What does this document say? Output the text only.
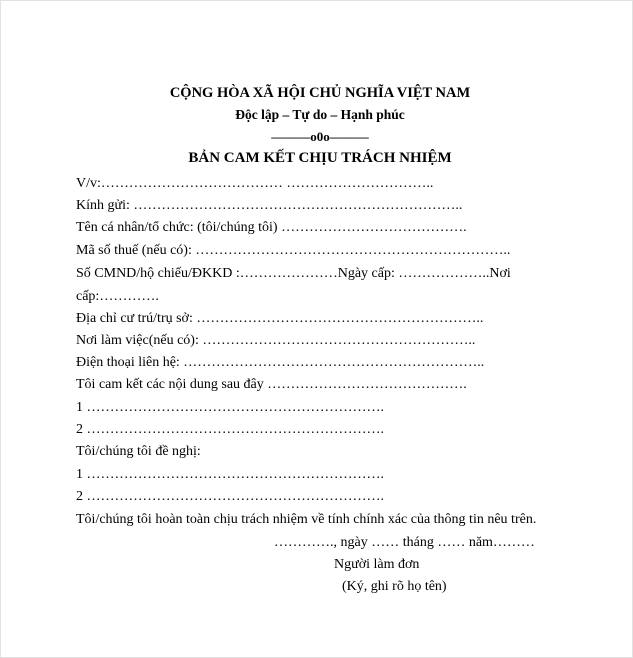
CỘNG HÒA XÃ HỘI CHỦ NGHĨA VIỆT NAM
Độc lập – Tự do – Hạnh phúc
———o0o———
BẢN CAM KẾT CHỊU TRÁCH NHIỆM
V/v:………………………………… …………………………..
Kính gửi: ……………………………………………………………..
Tên cá nhân/tổ chức: (tôi/chúng tôi) ………………………………….
Mã số thuế (nếu có): …………………………………………………………..
Số CMND/hộ chiếu/ĐKKD :…………………Ngày cấp: ………………..Nơi
cấp:………….
Địa chỉ cư trú/trụ sở: ……………………………………………………..
Nơi làm việc(nếu có): …………………………………………………..
Điện thoại liên hệ: ………………………………………………………..
Tôi cam kết các nội dung sau đây …………………………………….
1 ……………………………………………………….
2 ……………………………………………………….
Tôi/chúng tôi đề nghị:
1 ……………………………………………………….
2 ……………………………………………………….
Tôi/chúng tôi hoàn toàn chịu trách nhiệm về tính chính xác của thông tin nêu trên.
…………., ngày …… tháng …… năm………
Người làm đơn
(Ký, ghi rõ họ tên)
